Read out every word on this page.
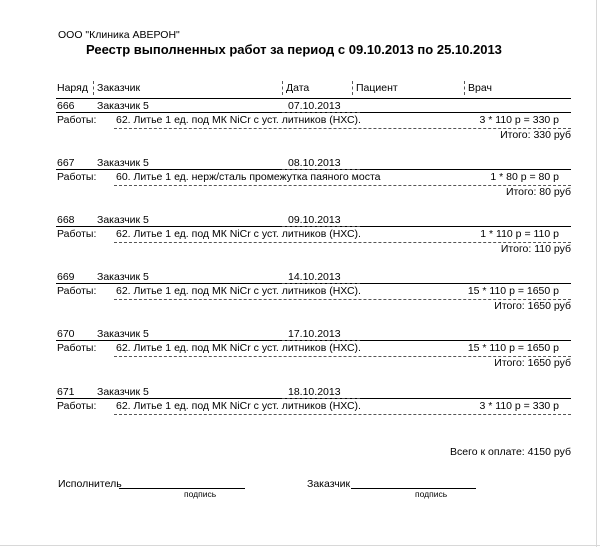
ООО "Клиника АВЕРОН"
Реестр выполненных работ за период с 09.10.2013 по 25.10.2013
Наряд Заказчик	Дата	Пациент	Врач
666 Заказчик 5	07.10.2013
Работы: 62. Литье 1 ед. под МК NiCr с уст. литников (НХС).	3 * 110 р = 330 р
Итого: 330 руб
667 Заказчик 5	08.10.2013
Работы: 60. Литье 1 ед. нерж/сталь промежутка паяного моста	1 * 80 р = 80 р
Итого: 80 руб
668 Заказчик 5	09.10.2013
Работы: 62. Литье 1 ед. под МК NiCr с уст. литников (НХС).	1 * 110 р = 110 р
Итого: 110 руб
669 Заказчик 5	14.10.2013
Работы: 62. Литье 1 ед. под МК NiCr с уст. литников (НХС).	15 * 110 р = 1650 р
Итого: 1650 руб
670 Заказчик 5	17.10.2013
Работы: 62. Литье 1 ед. под МК NiCr с уст. литников (НХС).	15 * 110 р = 1650 р
Итого: 1650 руб
671 Заказчик 5	18.10.2013
Работы: 62. Литье 1 ед. под МК NiCr с уст. литников (НХС).	3 * 110 р = 330 р
Всего к оплате: 4150 руб
Исполнитель
подпись
Заказчик
подпись
